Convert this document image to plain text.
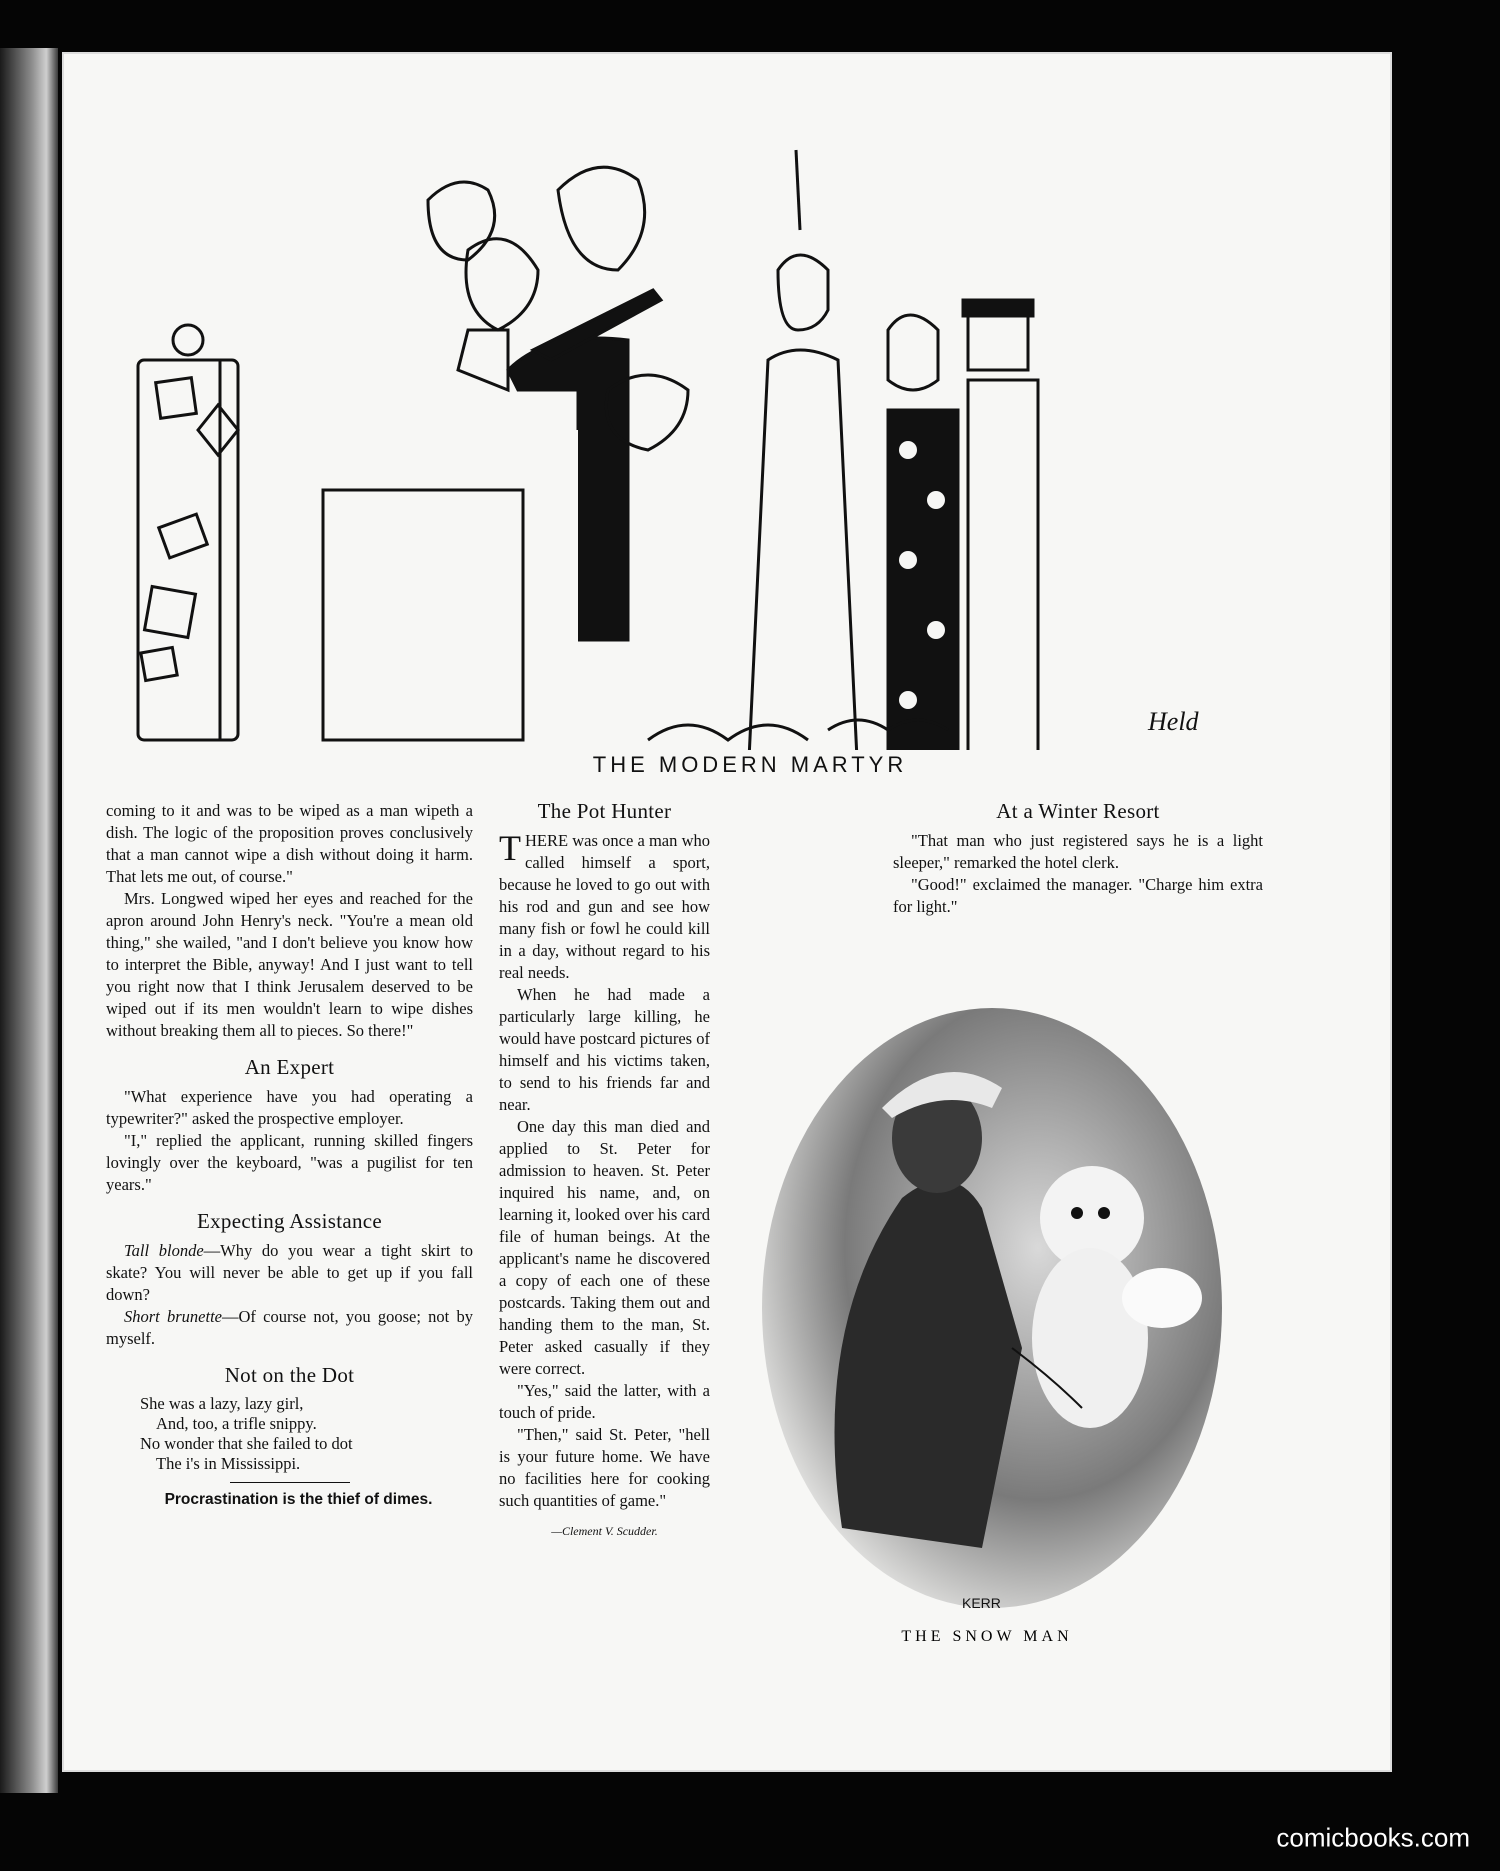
Held
THE MODERN MARTYR

coming to it and was to be wiped as a man wipeth a dish. The logic of the proposition proves conclusively that a man cannot wipe a dish without doing it harm. That lets me out, of course."

Mrs. Longwed wiped her eyes and reached for the apron around John Henry's neck. "You're a mean old thing," she wailed, "and I don't believe you know how to interpret the Bible, anyway! And I just want to tell you right now that I think Jerusalem deserved to be wiped out if its men wouldn't learn to wipe dishes without breaking them all to pieces. So there!"

An Expert

"What experience have you had operating a typewriter?" asked the prospective employer.

"I," replied the applicant, running skilled fingers lovingly over the keyboard, "was a pugilist for ten years."

Expecting Assistance

Tall blonde—Why do you wear a tight skirt to skate? You will never be able to get up if you fall down?

Short brunette—Of course not, you goose; not by myself.

Not on the Dot
She was a lazy, lazy girl,
And, too, a trifle snippy.
No wonder that she failed to dot
The i's in Mississippi.

Procrastination is the thief of dimes.

The Pot Hunter

THERE was once a man who called himself a sport, because he loved to go out with his rod and gun and see how many fish or fowl he could kill in a day, without regard to his real needs.

When he had made a particularly large killing, he would have postcard pictures of himself and his victims taken, to send to his friends far and near.

One day this man died and applied to St. Peter for admission to heaven. St. Peter inquired his name, and, on learning it, looked over his card file of human beings. At the applicant's name he discovered a copy of each one of these postcards. Taking them out and handing them to the man, St. Peter asked casually if they were correct.

"Yes," said the latter, with a touch of pride.

"Then," said St. Peter, "hell is your future home. We have no facilities here for cooking such quantities of game."

—Clement V. Scudder.
At a Winter Resort

"That man who just registered says he is a light sleeper," remarked the hotel clerk.

"Good!" exclaimed the manager. "Charge him extra for light."

KERR
THE SNOW MAN
comicbooks.com
